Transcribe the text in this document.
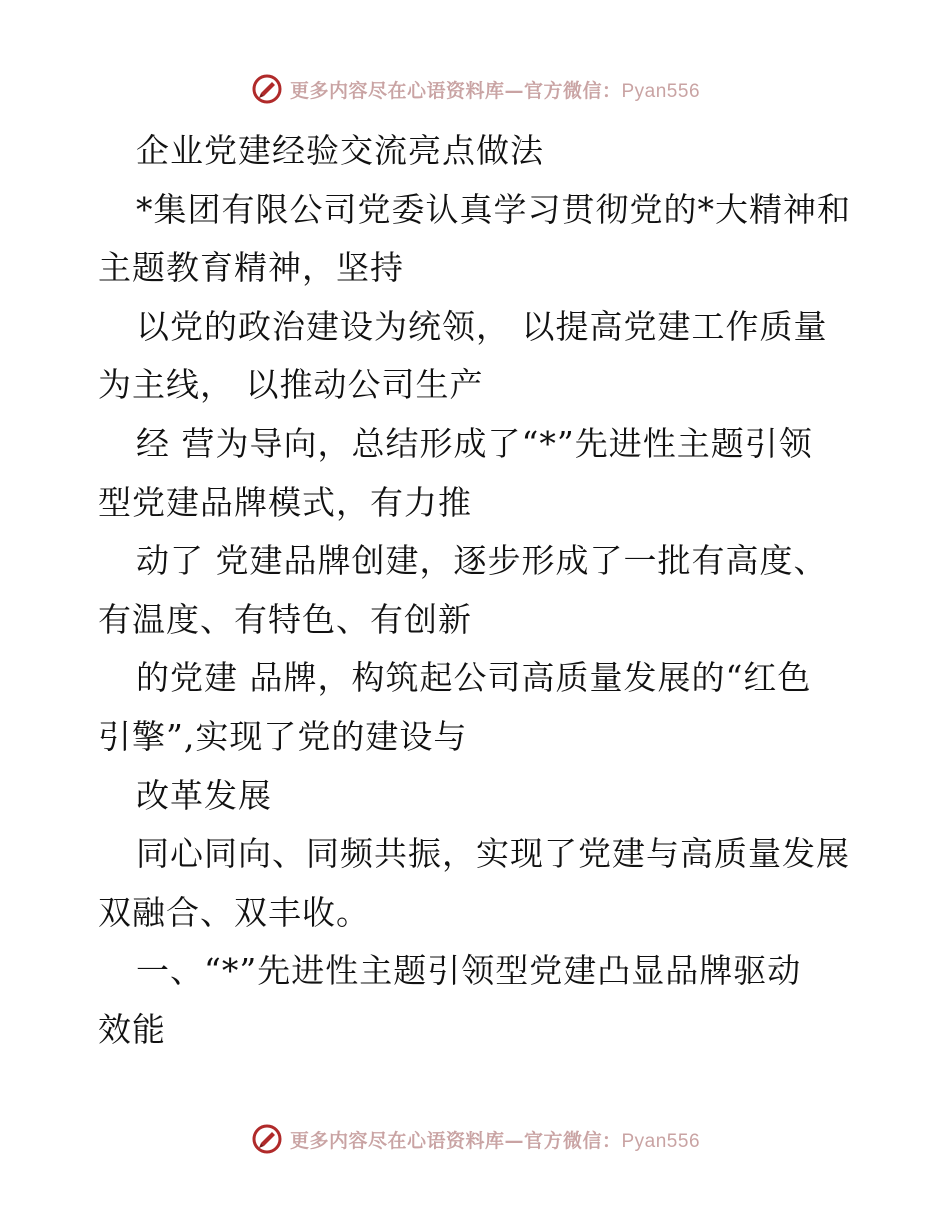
更多内容尽在心语资料库—官方微信：Pyan556
企业党建经验交流亮点做法
*集团有限公司党委认真学习贯彻党的*大精神和
主题教育精神，坚持
以党的政治建设为统领， 以提高党建工作质量
为主线， 以推动公司生产
经 营为导向，总结形成了“*”先进性主题引领
型党建品牌模式，有力推
动了 党建品牌创建，逐步形成了一批有高度、
有温度、有特色、有创新
的党建 品牌，构筑起公司高质量发展的“红色
引擎”,实现了党的建设与
改革发展
同心同向、同频共振，实现了党建与高质量发展
双融合、双丰收。
一、“*”先进性主题引领型党建凸显品牌驱动
效能
更多内容尽在心语资料库—官方微信：Pyan556
